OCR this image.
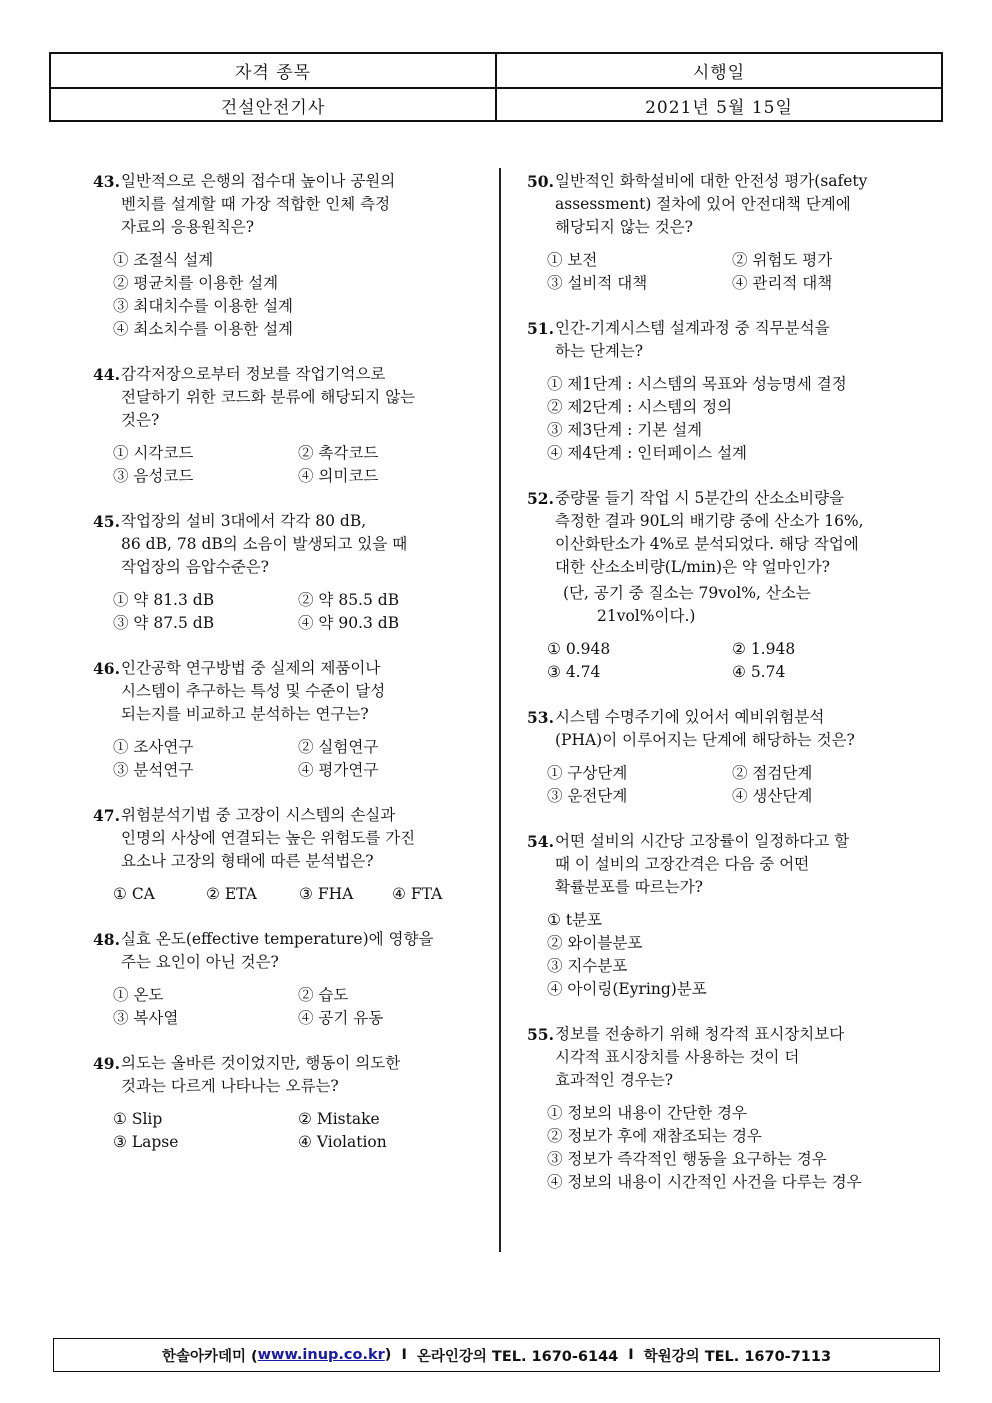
자격 종목	시행일
건설안전기사	2021년 5월 15일
43. 일반적으로 은행의 접수대 높이나 공원의
벤치를 설계할 때 가장 적합한 인체 측정
자료의 응용원칙은?
① 조절식 설계
② 평균치를 이용한 설계
③ 최대치수를 이용한 설계
④ 최소치수를 이용한 설계
44. 감각저장으로부터 정보를 작업기억으로
전달하기 위한 코드화 분류에 해당되지 않는
것은?
① 시각코드	② 촉각코드
③ 음성코드	④ 의미코드
45. 작업장의 설비 3대에서 각각 80 dB,
86 dB, 78 dB의 소음이 발생되고 있을 때
작업장의 음압수준은?
① 약 81.3 dB	② 약 85.5 dB
③ 약 87.5 dB	④ 약 90.3 dB
46. 인간공학 연구방법 중 실제의 제품이나
시스템이 추구하는 특성 및 수준이 달성
되는지를 비교하고 분석하는 연구는?
① 조사연구	② 실험연구
③ 분석연구	④ 평가연구
47. 위험분석기법 중 고장이 시스템의 손실과
인명의 사상에 연결되는 높은 위험도를 가진
요소나 고장의 형태에 따른 분석법은?
① CA	② ETA	③ FHA	④ FTA
48. 실효 온도(effective temperature)에 영향을
주는 요인이 아닌 것은?
① 온도	② 습도
③ 복사열	④ 공기 유동
49. 의도는 올바른 것이었지만, 행동이 의도한
것과는 다르게 나타나는 오류는?
① Slip	② Mistake
③ Lapse	④ Violation
50. 일반적인 화학설비에 대한 안전성 평가(safety
assessment) 절차에 있어 안전대책 단계에
해당되지 않는 것은?
① 보전	② 위험도 평가
③ 설비적 대책	④ 관리적 대책
51. 인간-기계시스템 설계과정 중 직무분석을
하는 단계는?
① 제1단계 : 시스템의 목표와 성능명세 결정
② 제2단계 : 시스템의 정의
③ 제3단계 : 기본 설계
④ 제4단계 : 인터페이스 설계
52. 중량물 들기 작업 시 5분간의 산소소비량을
측정한 결과 90L의 배기량 중에 산소가 16%,
이산화탄소가 4%로 분석되었다. 해당 작업에
대한 산소소비량(L/min)은 약 얼마인가?
(단, 공기 중 질소는 79vol%, 산소는
21vol%이다.)
① 0.948	② 1.948
③ 4.74	④ 5.74
53. 시스템 수명주기에 있어서 예비위험분석
(PHA)이 이루어지는 단계에 해당하는 것은?
① 구상단계	② 점검단계
③ 운전단계	④ 생산단계
54. 어떤 설비의 시간당 고장률이 일정하다고 할
때 이 설비의 고장간격은 다음 중 어떤
확률분포를 따르는가?
① t분포
② 와이블분포
③ 지수분포
④ 아이링(Eyring)분포
55. 정보를 전송하기 위해 청각적 표시장치보다
시각적 표시장치를 사용하는 것이 더
효과적인 경우는?
① 정보의 내용이 간단한 경우
② 정보가 후에 재참조되는 경우
③ 정보가 즉각적인 행동을 요구하는 경우
④ 정보의 내용이 시간적인 사건을 다루는 경우
한솔아카데미 ( www.inup.co.kr ) I 온라인강의 TEL. 1670-6144 I 학원강의 TEL. 1670-7113
